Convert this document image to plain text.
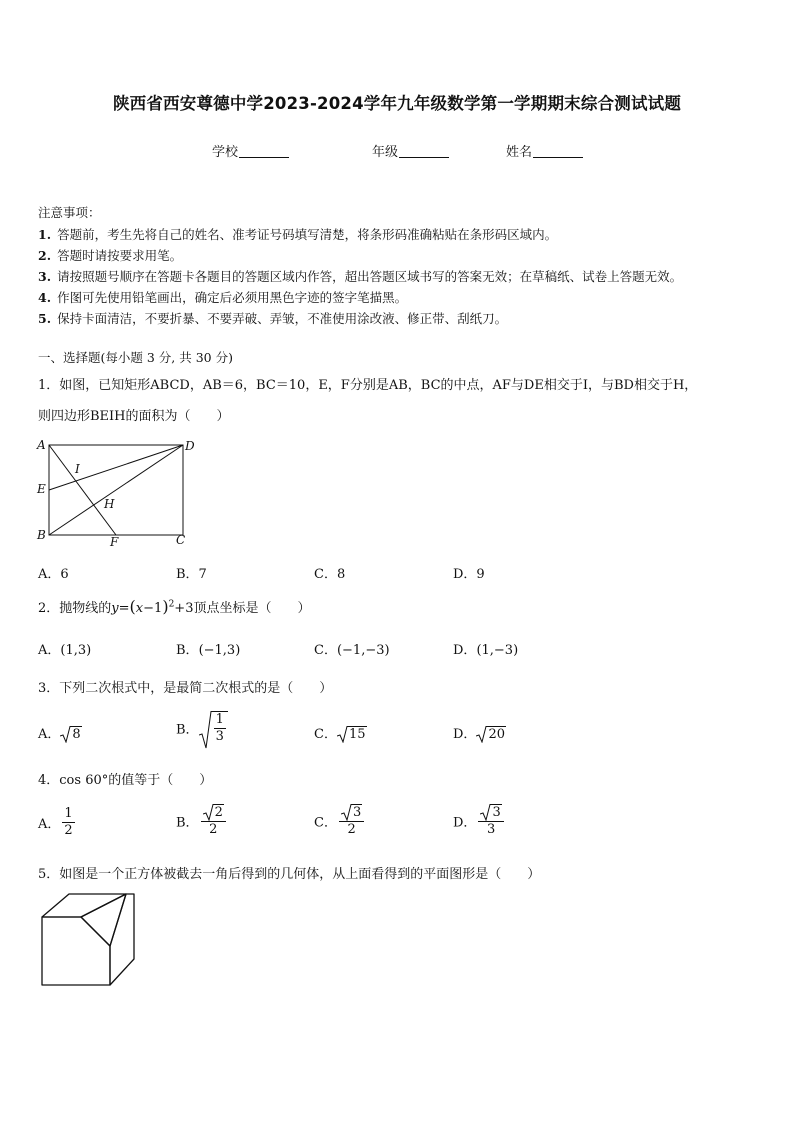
陕西省西安尊德中学2023-2024学年九年级数学第一学期期末综合测试试题
学校	年级	姓名
注意事项：
1. 答题前，考生先将自己的姓名、准考证号码填写清楚，将条形码准确粘贴在条形码区域内。
2. 答题时请按要求用笔。
3. 请按照题号顺序在答题卡各题目的答题区域内作答，超出答题区域书写的答案无效；在草稿纸、试卷上答题无效。
4. 作图可先使用铅笔画出，确定后必须用黑色字迹的签字笔描黑。
5. 保持卡面清洁，不要折暴、不要弄破、弄皱，不准使用涂改液、修正带、刮纸刀。
一、选择题(每小题 3 分, 共 30 分)
1．如图，已知矩形ABCD，AB＝6，BC＝10，E，F分别是AB，BC的中点，AF与DE相交于I，与BD相交于H，
则四边形BEIH的面积为（　　）
A	D
I
E
H
B	F	C
A．6	B．7	C．8	D．9
2．抛物线的$y=(x-1)^2+3$顶点坐标是（　　）
A．(1,3)	B．(−1,3)	C．(−1,−3)	D．(1,−3)
3．下列二次根式中，是最简二次根式的是（　　）
A． 8	B． $\frac{1}{3}$	C． 15	D． 20
4．cos 60°的值等于（　　）
A． $\frac{1}{2}$	B． $\frac{2}{2}$	C． $\frac{3}{2}$	D． $\frac{3}{3}$
5．如图是一个正方体被截去一角后得到的几何体，从上面看得到的平面图形是（　　）
